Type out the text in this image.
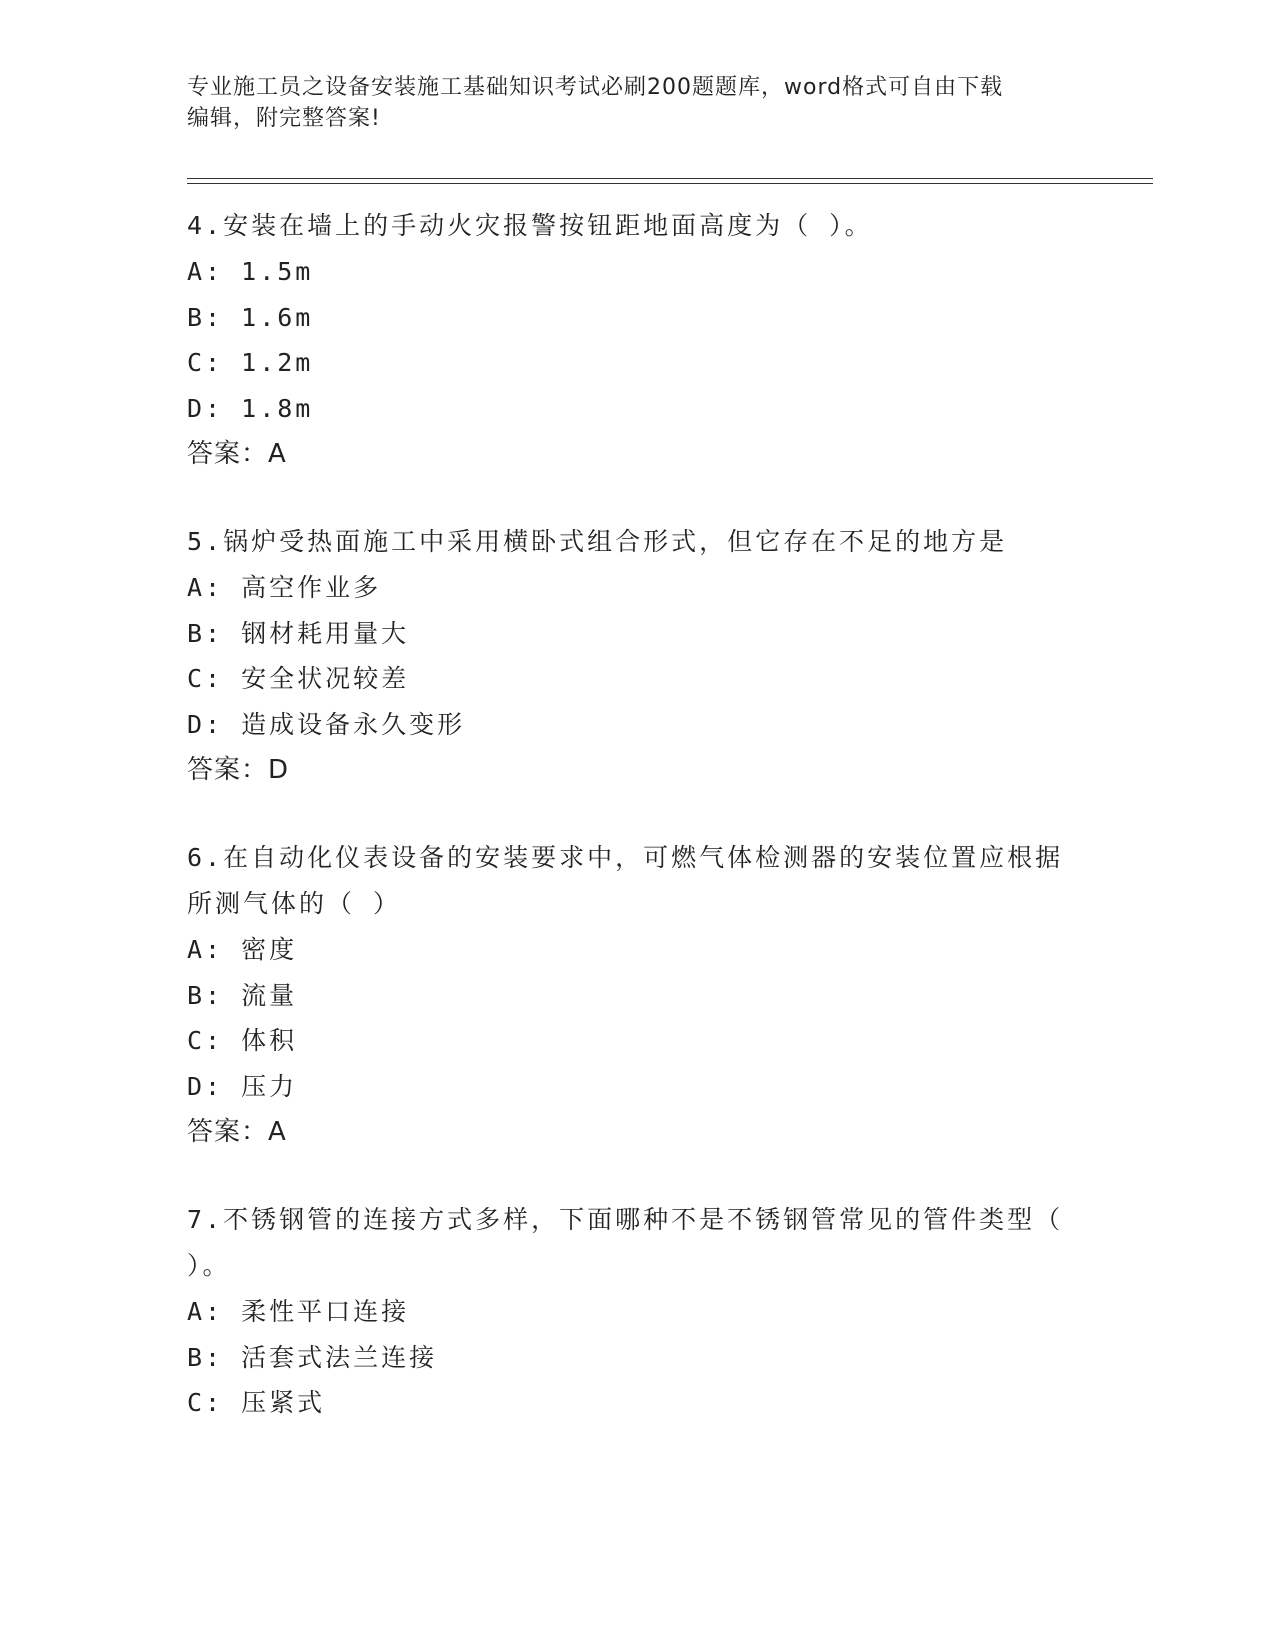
专业施工员之设备安装施工基础知识考试必刷200题题库，word格式可自由下载
编辑，附完整答案!

4.安装在墙上的手动火灾报警按钮距地面高度为（ ）。

A: 1.5m

B: 1.6m

C: 1.2m

D: 1.8m

答案：A

5.锅炉受热面施工中采用横卧式组合形式，但它存在不足的地方是

A: 高空作业多

B: 钢材耗用量大

C: 安全状况较差

D: 造成设备永久变形

答案：D

6.在自动化仪表设备的安装要求中，可燃气体检测器的安装位置应根据所测气体的（ ）

A: 密度

B: 流量

C: 体积

D: 压力

答案：A

7.不锈钢管的连接方式多样，下面哪种不是不锈钢管常见的管件类型（ ）。

A: 柔性平口连接

B: 活套式法兰连接

C: 压紧式
